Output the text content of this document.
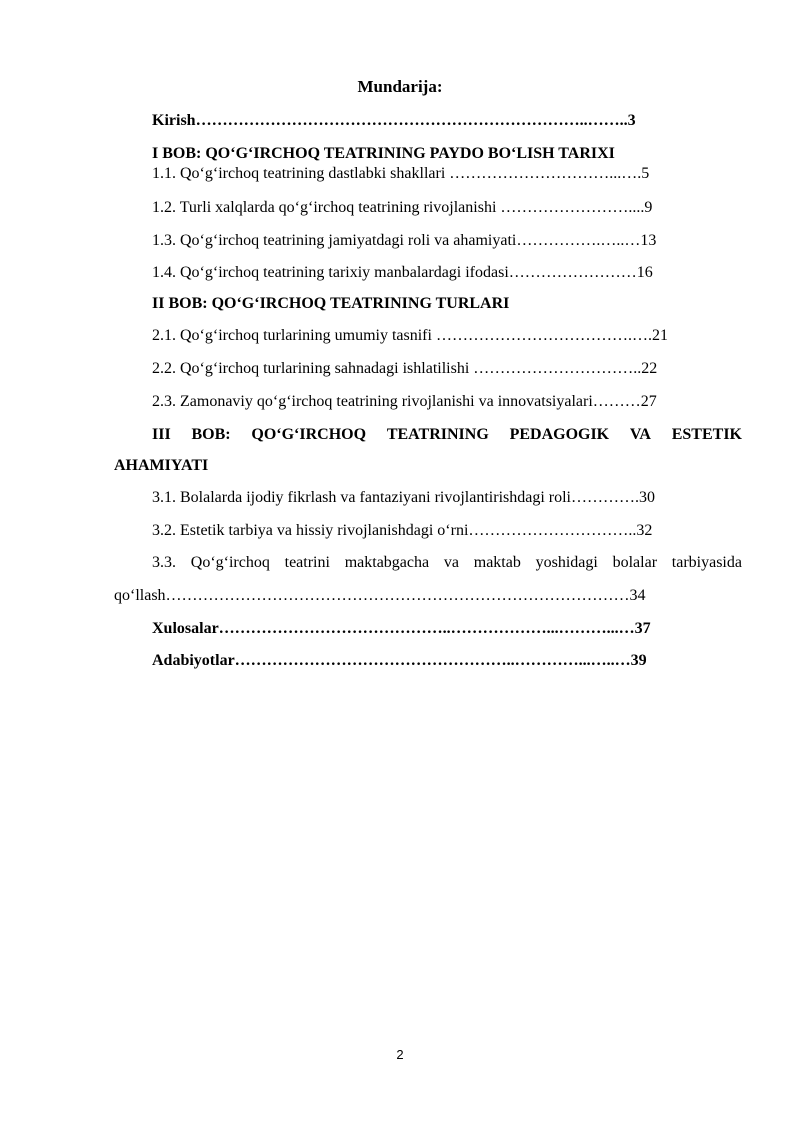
Mundarija:
Kirish………………………………………………………………..……..3
I BOB: QO‘G‘IRCHOQ TEATRINING PAYDO BO‘LISH TARIXI
1.1. Qo‘g‘irchoq teatrining dastlabki shakllari …………………………...….5
1.2. Turli xalqlarda qo‘g‘irchoq teatrining rivojlanishi ……………………....9
1.3. Qo‘g‘irchoq teatrining jamiyatdagi roli va ahamiyati…………….…..…13
1.4. Qo‘g‘irchoq teatrining tarixiy manbalardagi ifodasi……………………16
II BOB: QO‘G‘IRCHOQ TEATRINING TURLARI
2.1. Qo‘g‘irchoq turlarining umumiy tasnifi ……………………………….….21
2.2. Qo‘g‘irchoq turlarining sahnadagi ishlatilishi …………………………..22
2.3. Zamonaviy qo‘g‘irchoq teatrining rivojlanishi va innovatsiyalari………27
III BOB: QO‘G‘IRCHOQ TEATRINING PEDAGOGIK VA ESTETIK
AHAMIYATI
3.1. Bolalarda ijodiy fikrlash va fantaziyani rivojlantirishdagi roli………….30
3.2. Estetik tarbiya va hissiy rivojlanishdagi o‘rni…………………………..32
3.3. Qo‘g‘irchoq teatrini maktabgacha va maktab yoshidagi bolalar tarbiyasida
qo‘llash……………………………………………………………………………34
Xulosalar……………………………………..………………...………...…37
Adabiyotlar……………………………………………..…………...…..…39
2
